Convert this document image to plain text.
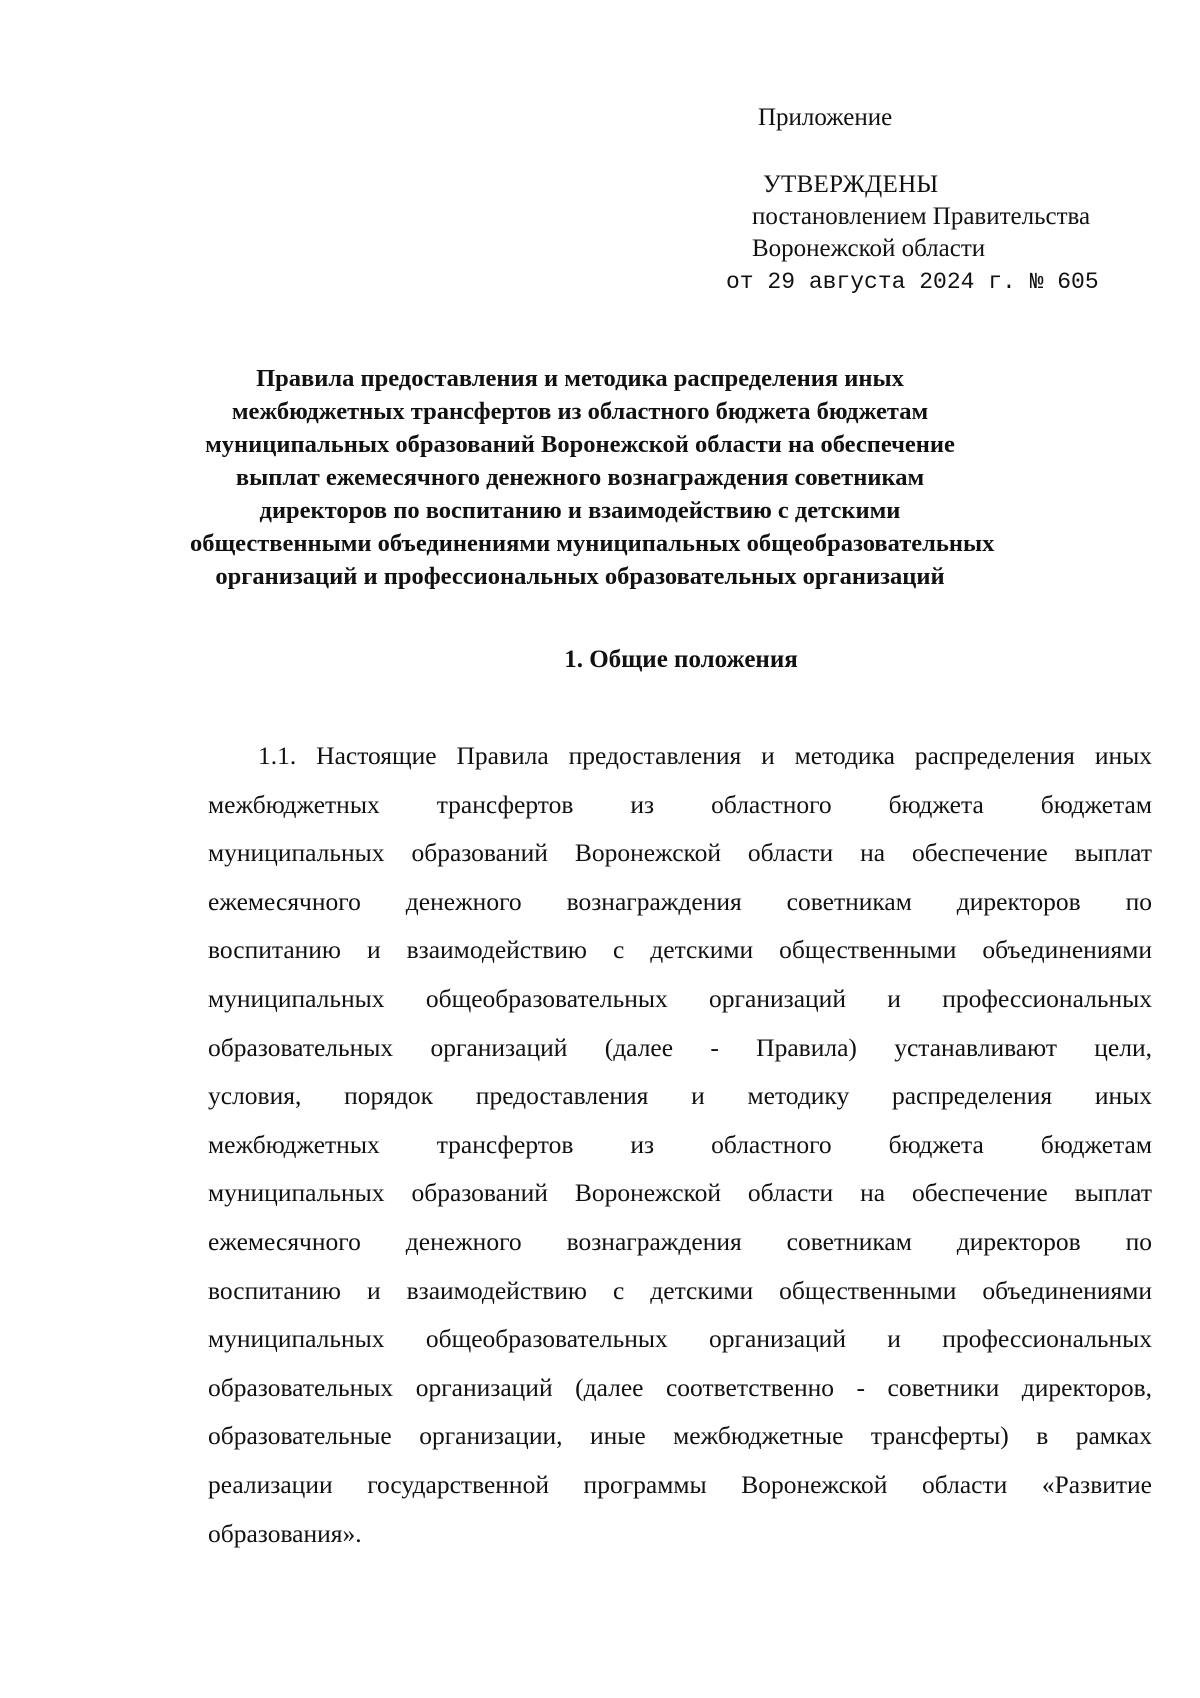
Приложение

УТВЕРЖДЕНЫ

постановлением Правительства

Воронежской области

от 29 августа 2024 г. № 605

Правила предоставления и методика распределения иных
межбюджетных трансфертов из областного бюджета бюджетам
муниципальных образований Воронежской области на обеспечение
выплат ежемесячного денежного вознаграждения советникам
директоров по воспитанию и взаимодействию с детскими
общественными объединениями муниципальных общеобразовательных
организаций и профессиональных образовательных организаций
1. Общие положения
1.1. Настоящие Правила предоставления и методика распределения иных
межбюджетных трансфертов из областного бюджета бюджетам
муниципальных образований Воронежской области на обеспечение выплат
ежемесячного денежного вознаграждения советникам директоров по
воспитанию и взаимодействию с детскими общественными объединениями
муниципальных общеобразовательных организаций и профессиональных
образовательных организаций (далее - Правила) устанавливают цели,
условия, порядок предоставления и методику распределения иных
межбюджетных трансфертов из областного бюджета бюджетам
муниципальных образований Воронежской области на обеспечение выплат
ежемесячного денежного вознаграждения советникам директоров по
воспитанию и взаимодействию с детскими общественными объединениями
муниципальных общеобразовательных организаций и профессиональных
образовательных организаций (далее соответственно - советники директоров,
образовательные организации, иные межбюджетные трансферты) в рамках
реализации государственной программы Воронежской области «Развитие
образования».
